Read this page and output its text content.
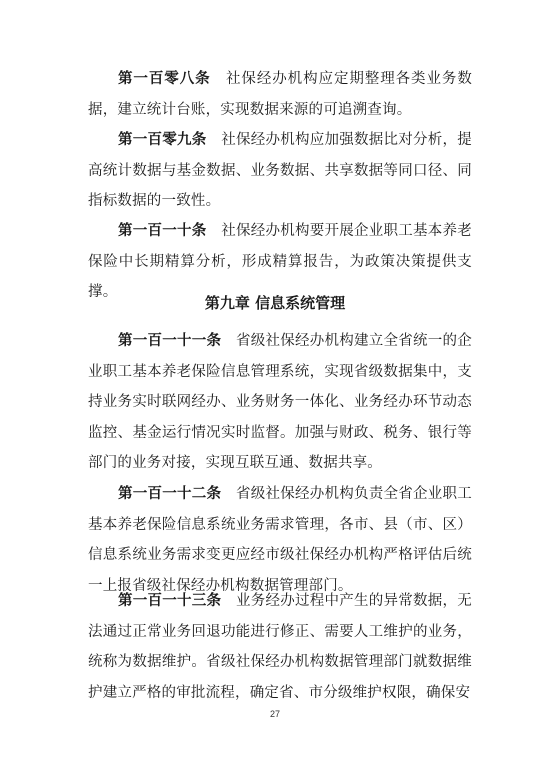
第一百零八条 社保经办机构应定期整理各类业务数据，建立统计台账，实现数据来源的可追溯查询。

第一百零九条 社保经办机构应加强数据比对分析，提高统计数据与基金数据、业务数据、共享数据等同口径、同指标数据的一致性。

第一百一十条 社保经办机构要开展企业职工基本养老保险中长期精算分析，形成精算报告，为政策决策提供支撑。

第九章 信息系统管理

第一百一十一条 省级社保经办机构建立全省统一的企业职工基本养老保险信息管理系统，实现省级数据集中，支持业务实时联网经办、业务财务一体化、业务经办环节动态监控、基金运行情况实时监督。加强与财政、税务、银行等部门的业务对接，实现互联互通、数据共享。

第一百一十二条 省级社保经办机构负责全省企业职工基本养老保险信息系统业务需求管理，各市、县（市、区）信息系统业务需求变更应经市级社保经办机构严格评估后统一上报省级社保经办机构数据管理部门。

第一百一十三条 业务经办过程中产生的异常数据，无法通过正常业务回退功能进行修正、需要人工维护的业务，统称为数据维护。省级社保经办机构数据管理部门就数据维护建立严格的审批流程，确定省、市分级维护权限，确保安

27
